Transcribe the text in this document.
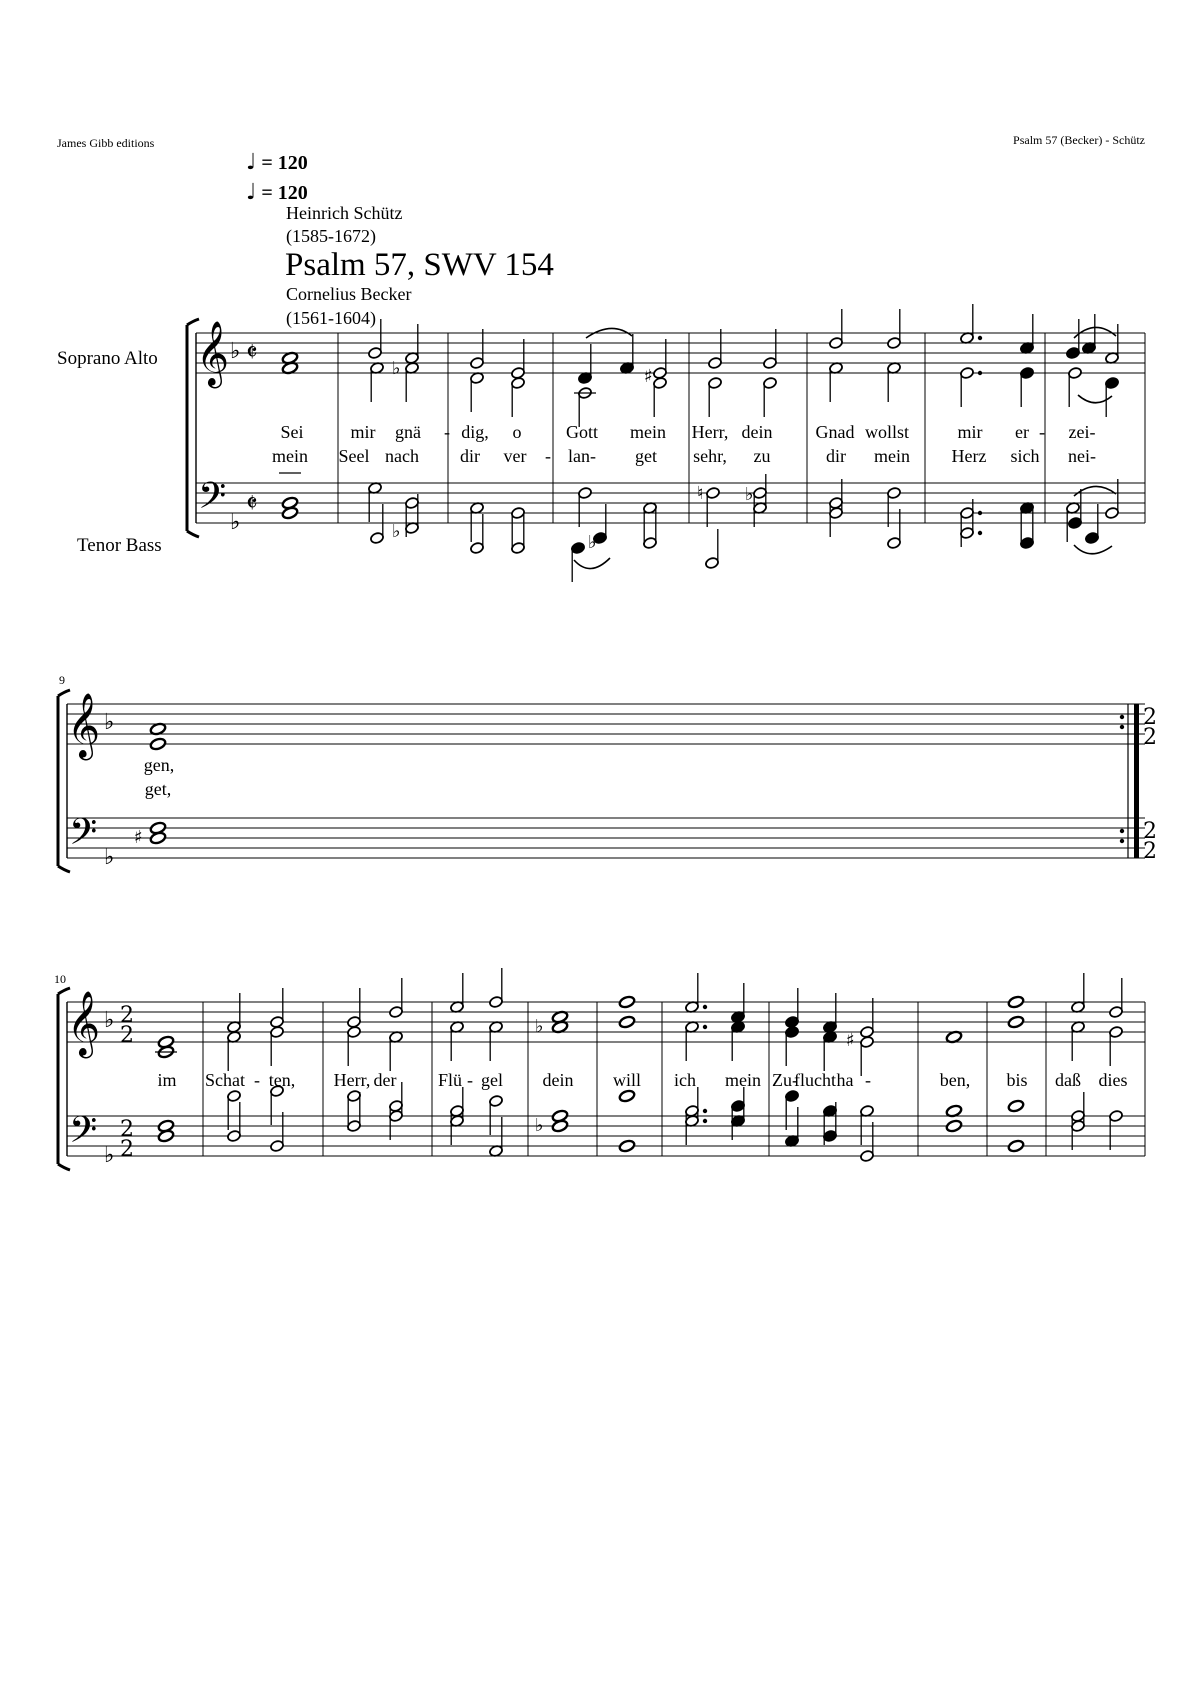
James Gibb editions	Psalm 57 (Becker) - Schütz
♩ = 120
♩ = 120
Heinrich Schütz
(1585-1672)
Psalm 57, SWV 154
Cornelius Becker
(1561-1604)
Soprano Alto
Tenor Bass
9
10
𝄞
𝄢
♭
♭
𝄵
𝄵
♭	♯
♭
♭
♮ ♭
Sei	mir gnä - dig, o Gott mein Herr, dein Gnad wollst	mir er - zei-
mein Seel nach dir ver - lan- get sehr, zu	dir mein Herz sich nei-
𝄞
𝄢
♭
♭
♯
gen,
get,
2
2
2
2
𝄞
𝄢
♭
♭
2
2
2
2
♭
♯
♭
im Schat - ten, Herr, der Flü - gel dein will ich mein Zu-
flucht ha -	ben, bis daß dies
